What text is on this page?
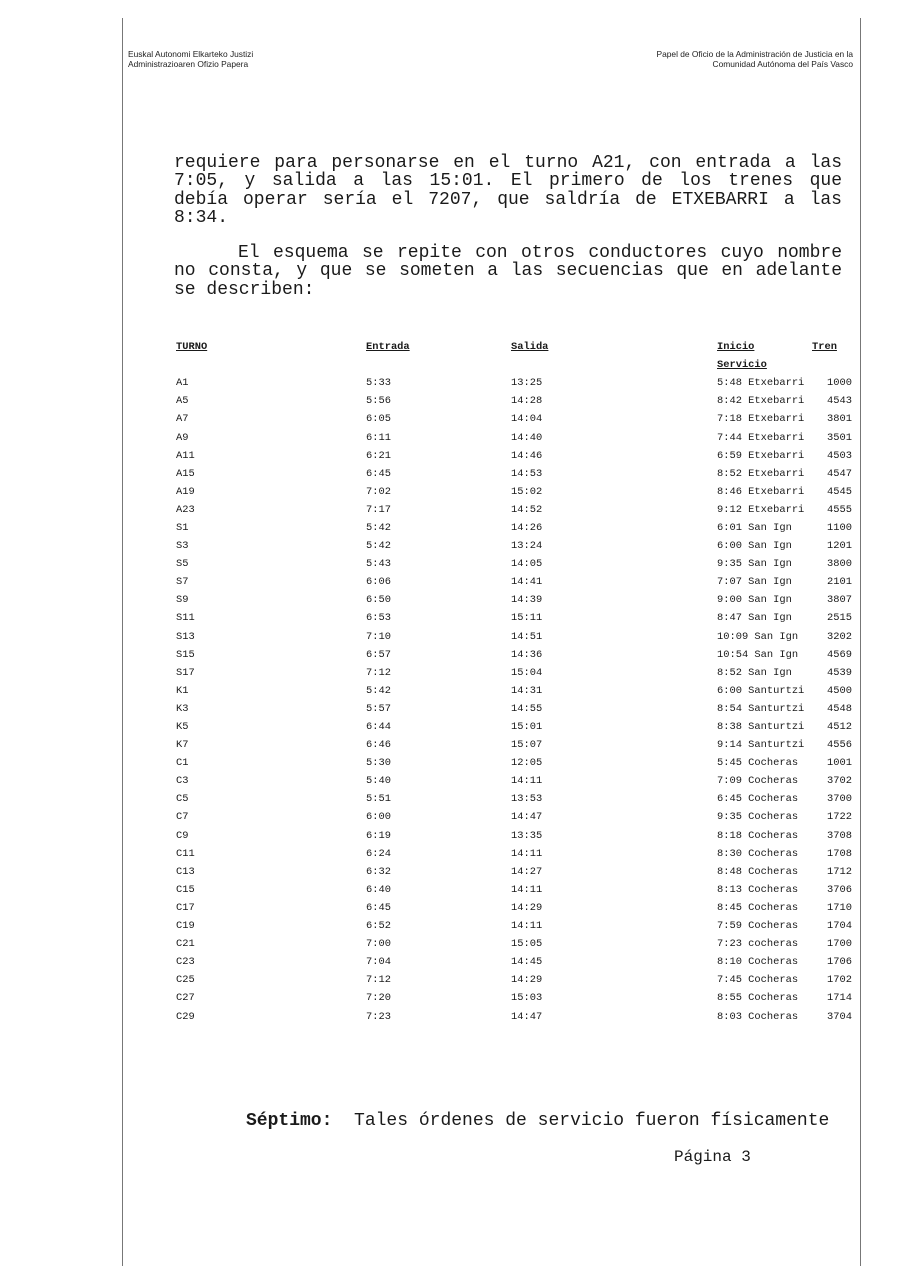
Euskal Autonomi Elkarteko Justizi
Administrazioaren Ofizio Papera
Papel de Oficio de la Administración de Justicia en la
Comunidad Autónoma del País Vasco
requiere para personarse en el turno A21, con entrada a las
7:05, y salida a las 15:01. El primero de los trenes que
debía operar sería el 7207, que saldría de ETXEBARRI a las
8:34.
El esquema se repite con otros conductores cuyo nombre
no consta, y que se someten a las secuencias que en adelante
se describen:
TURNO	Entrada	Salida	Inicio	Tren
			Servicio	
A1	5:33	13:25	5:48 Etxebarri	1000
A5	5:56	14:28	8:42 Etxebarri	4543
A7	6:05	14:04	7:18 Etxebarri	3801
A9	6:11	14:40	7:44 Etxebarri	3501
A11	6:21	14:46	6:59 Etxebarri	4503
A15	6:45	14:53	8:52 Etxebarri	4547
A19	7:02	15:02	8:46 Etxebarri	4545
A23	7:17	14:52	9:12 Etxebarri	4555
S1	5:42	14:26	6:01 San Ign	1100
S3	5:42	13:24	6:00 San Ign	1201
S5	5:43	14:05	9:35 San Ign	3800
S7	6:06	14:41	7:07 San Ign	2101
S9	6:50	14:39	9:00 San Ign	3807
S11	6:53	15:11	8:47 San Ign	2515
S13	7:10	14:51	10:09 San Ign	3202
S15	6:57	14:36	10:54 San Ign	4569
S17	7:12	15:04	8:52 San Ign	4539
K1	5:42	14:31	6:00 Santurtzi	4500
K3	5:57	14:55	8:54 Santurtzi	4548
K5	6:44	15:01	8:38 Santurtzi	4512
K7	6:46	15:07	9:14 Santurtzi	4556
C1	5:30	12:05	5:45 Cocheras	1001
C3	5:40	14:11	7:09 Cocheras	3702
C5	5:51	13:53	6:45 Cocheras	3700
C7	6:00	14:47	9:35 Cocheras	1722
C9	6:19	13:35	8:18 Cocheras	3708
C11	6:24	14:11	8:30 Cocheras	1708
C13	6:32	14:27	8:48 Cocheras	1712
C15	6:40	14:11	8:13 Cocheras	3706
C17	6:45	14:29	8:45 Cocheras	1710
C19	6:52	14:11	7:59 Cocheras	1704
C21	7:00	15:05	7:23 cocheras	1700
C23	7:04	14:45	8:10 Cocheras	1706
C25	7:12	14:29	7:45 Cocheras	1702
C27	7:20	15:03	8:55 Cocheras	1714
C29	7:23	14:47	8:03 Cocheras	3704
Séptimo: Tales órdenes de servicio fueron físicamente
Página 3
